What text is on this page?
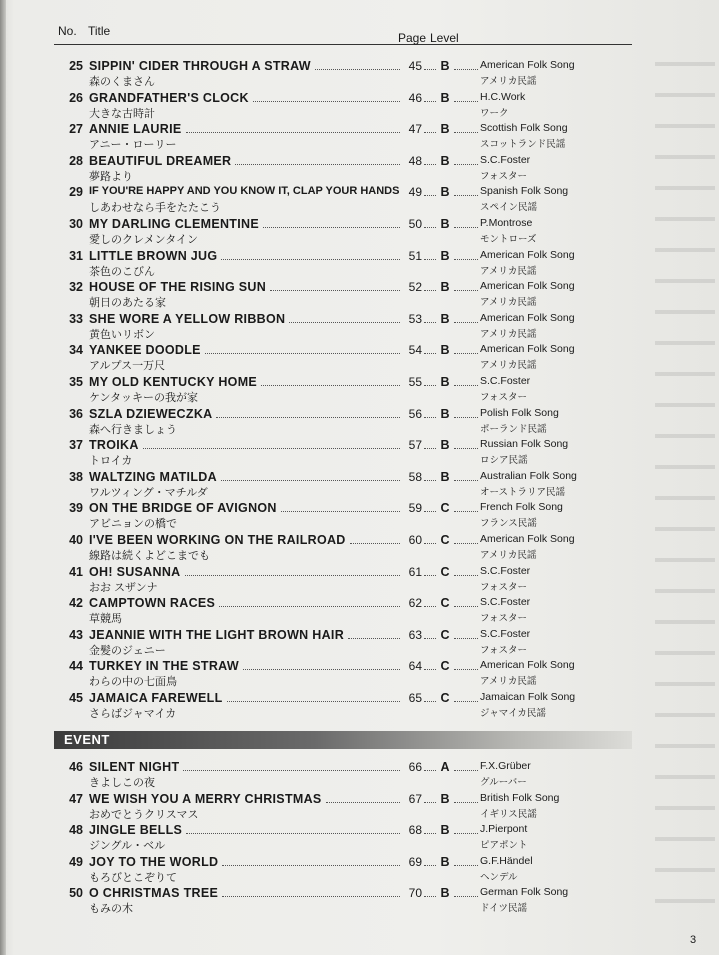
No. Title	Page Level
25 SIPPIN' CIDER THROUGH A STRAW	45 B	American Folk Song
森のくまさん	アメリカ民謡
26 GRANDFATHER'S CLOCK	46 B	H.C.Work
大きな古時計	ワーク
27 ANNIE LAURIE	47 B	Scottish Folk Song
アニー・ローリー	スコットランド民謡
28 BEAUTIFUL DREAMER	48 B	S.C.Foster
夢路より	フォスター
29 IF YOU'RE HAPPY AND YOU KNOW IT, CLAP YOUR HANDS 49 B	Spanish Folk Song
しあわせなら手をたたこう	スペイン民謡
30 MY DARLING CLEMENTINE	50 B	P.Montrose
愛しのクレメンタイン	モントローズ
31 LITTLE BROWN JUG	51 B	American Folk Song
茶色のこびん	アメリカ民謡
32 HOUSE OF THE RISING SUN	52 B	American Folk Song
朝日のあたる家	アメリカ民謡
33 SHE WORE A YELLOW RIBBON	53 B	American Folk Song
黄色いリボン	アメリカ民謡
34 YANKEE DOODLE	54 B	American Folk Song
アルプス一万尺	アメリカ民謡
35 MY OLD KENTUCKY HOME	55 B	S.C.Foster
ケンタッキーの我が家	フォスター
36 SZLA DZIEWECZKA	56 B	Polish Folk Song
森へ行きましょう	ポーランド民謡
37 TROIKA	57 B	Russian Folk Song
トロイカ	ロシア民謡
38 WALTZING MATILDA	58 B	Australian Folk Song
ワルツィング・マチルダ	オーストラリア民謡
39 ON THE BRIDGE OF AVIGNON	59 C	French Folk Song
アビニョンの橋で	フランス民謡
40 I'VE BEEN WORKING ON THE RAILROAD	60 C	American Folk Song
線路は続くよどこまでも	アメリカ民謡
41 OH! SUSANNA	61 C	S.C.Foster
おお スザンナ	フォスター
42 CAMPTOWN RACES	62 C	S.C.Foster
草競馬	フォスター
43 JEANNIE WITH THE LIGHT BROWN HAIR	63 C	S.C.Foster
金髪のジェニー	フォスター
44 TURKEY IN THE STRAW	64 C	American Folk Song
わらの中の七面鳥	アメリカ民謡
45 JAMAICA FAREWELL	65 C	Jamaican Folk Song
さらばジャマイカ	ジャマイカ民謡
46 SILENT NIGHT	66 A	F.X.Grüber
きよしこの夜	グルーバー
47 WE WISH YOU A MERRY CHRISTMAS	67 B	British Folk Song
おめでとうクリスマス	イギリス民謡
48 JINGLE BELLS	68 B	J.Pierpont
ジングル・ベル	ピアポント
49 JOY TO THE WORLD	69 B	G.F.Händel
もろびとこぞりて	ヘンデル
50 O CHRISTMAS TREE	70 B	German Folk Song
もみの木	ドイツ民謡
EVENT
3
